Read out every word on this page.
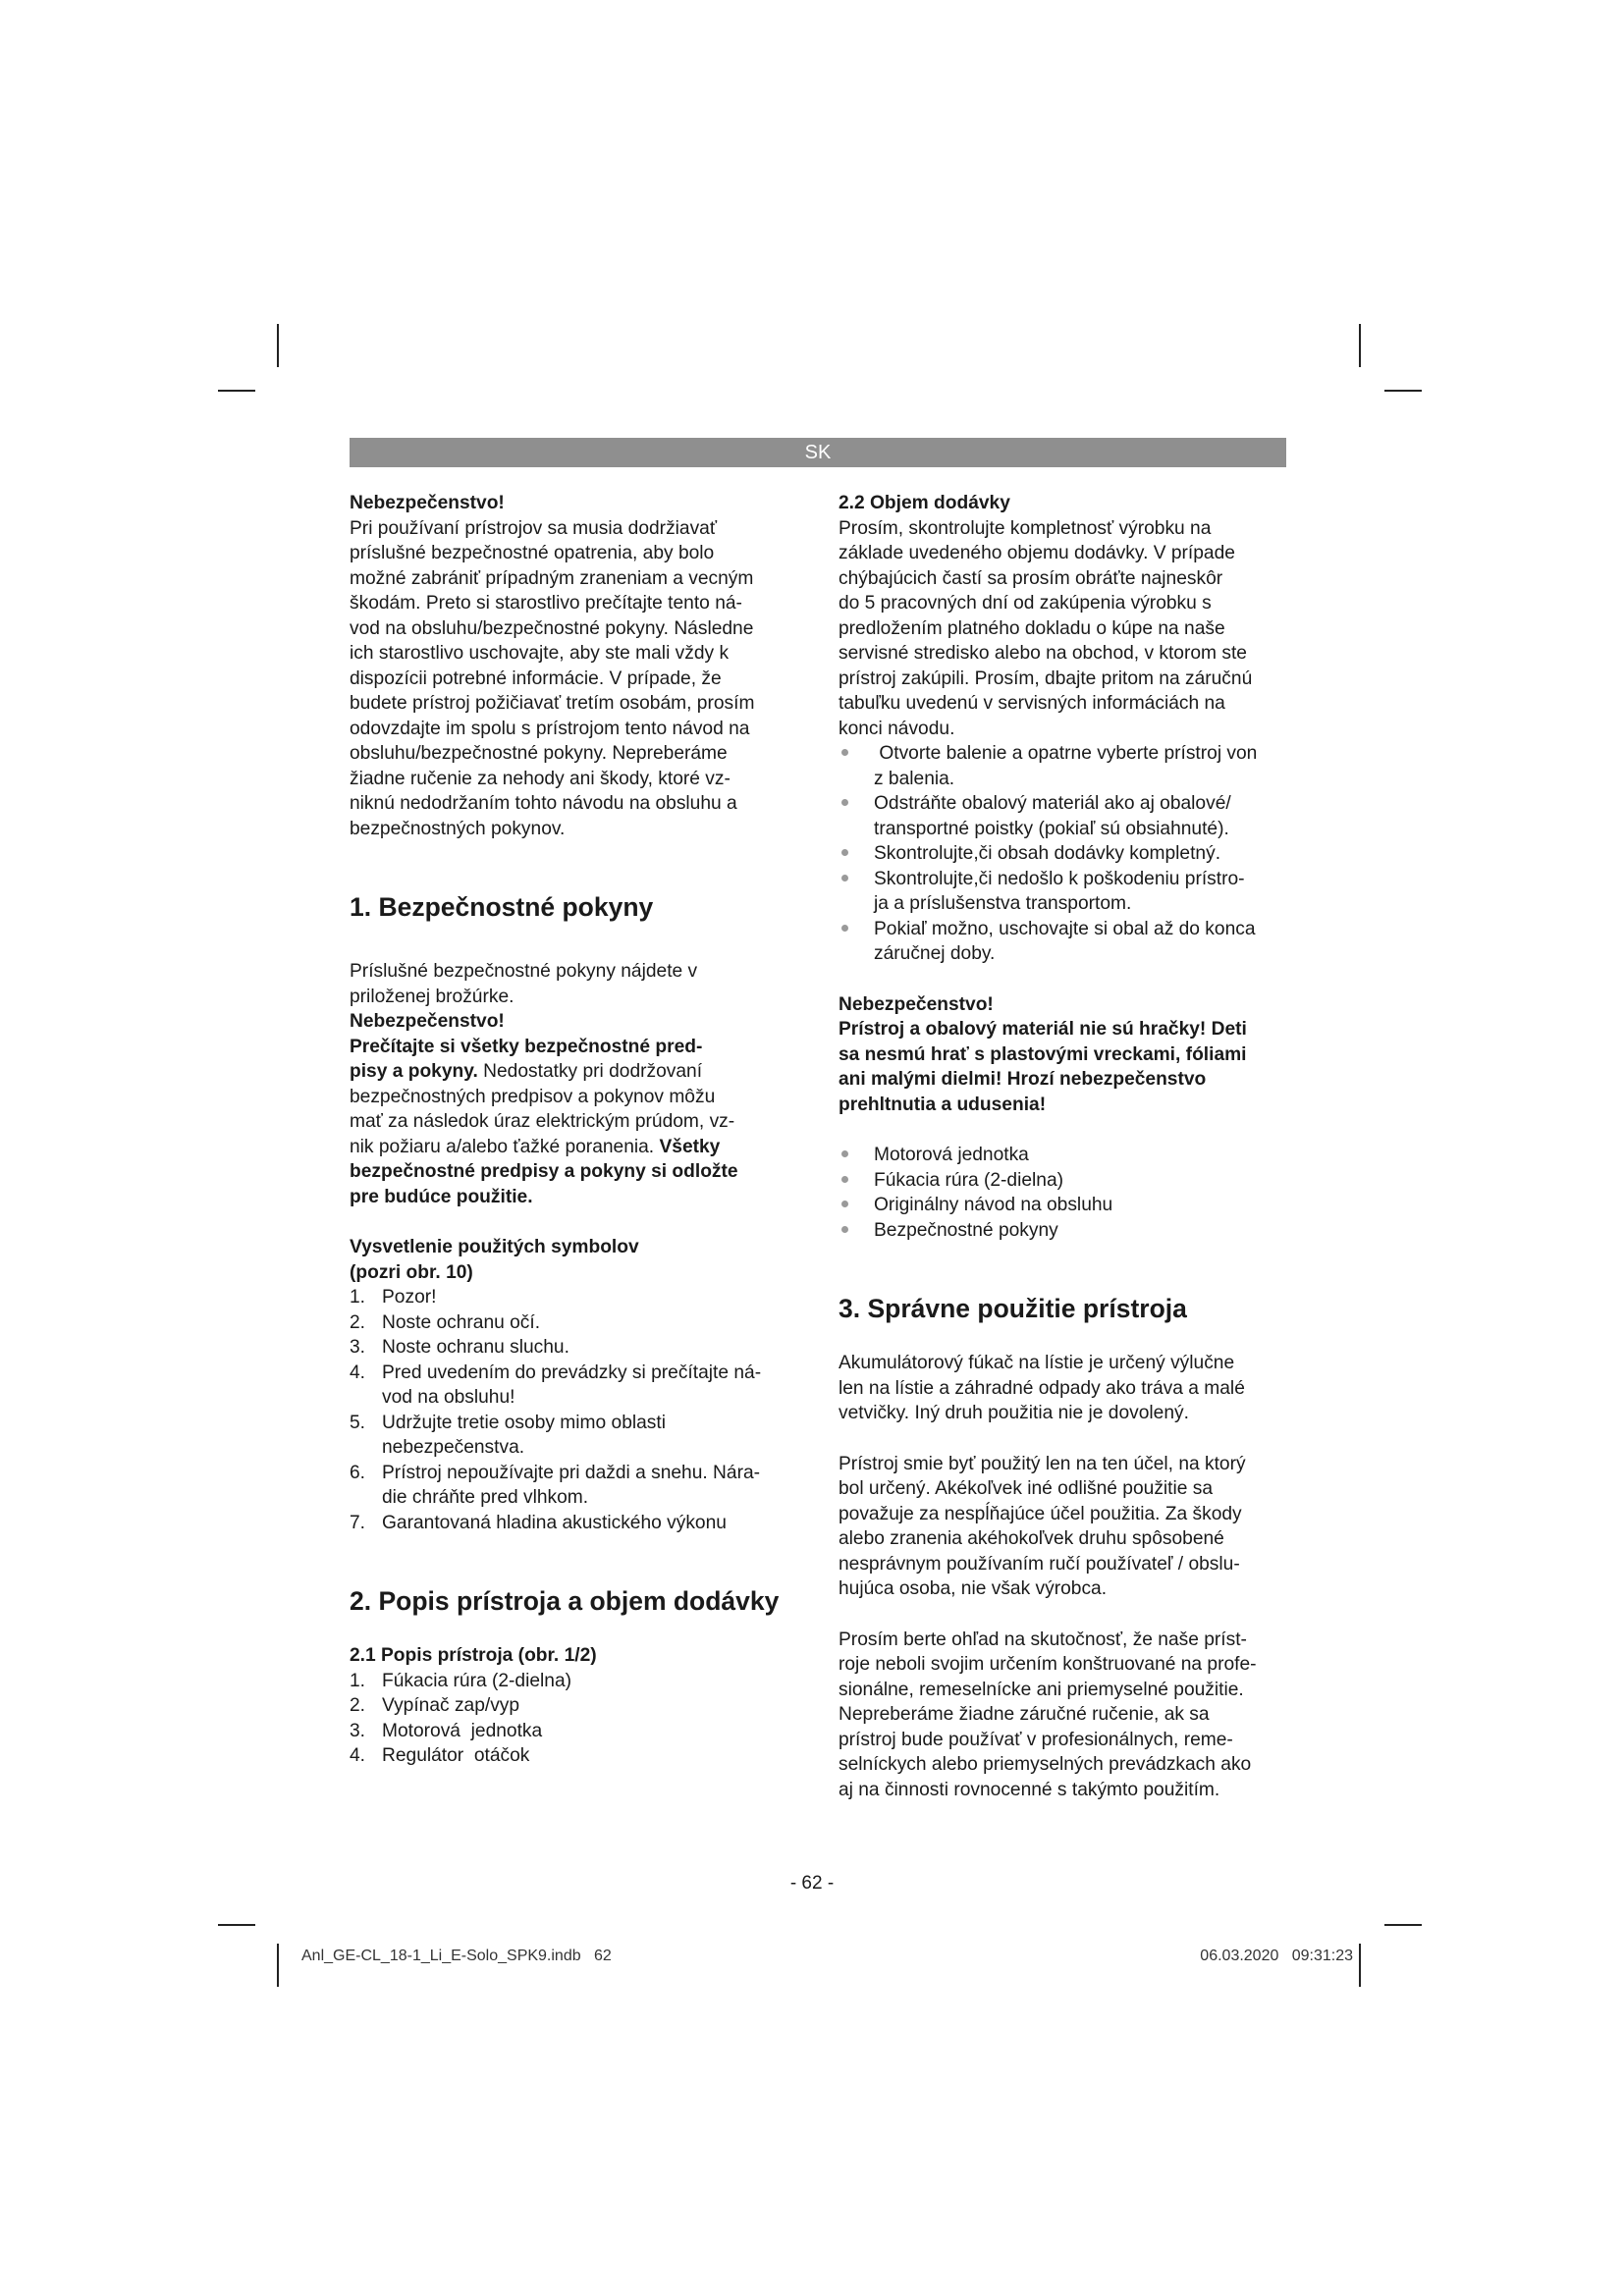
SK

Nebezpečenstvo!

Pri používaní prístrojov sa musia dodržiavať
príslušné bezpečnostné opatrenia, aby bolo
možné zabrániť prípadným zraneniam a vecným
škodám. Preto si starostlivo prečítajte tento ná-
vod na obsluhu/bezpečnostné pokyny. Následne
ich starostlivo uschovajte, aby ste mali vždy k
dispozícii potrebné informácie. V prípade, že
budete prístroj požičiavať tretím osobám, prosím
odovzdajte im spolu s prístrojom tento návod na
obsluhu/bezpečnostné pokyny. Nepreberáme
žiadne ručenie za nehody ani škody, ktoré vz-
niknú nedodržaním tohto návodu na obsluhu a
bezpečnostných pokynov.
1. Bezpečnostné pokyny
Príslušné bezpečnostné pokyny nájdete v
priloženej brožúrke.

Nebezpečenstvo!

Prečítajte si všetky bezpečnostné pred-
pisy a pokyny. Nedostatky pri dodržovaní
bezpečnostných predpisov a pokynov môžu
mať za následok úraz elektrickým prúdom, vz-
nik požiaru a/alebo ťažké poranenia. Všetky
bezpečnostné predpisy a pokyny si odložte
pre budúce použitie.

Vysvetlenie použitých symbolov

(pozri obr. 10)

1. Pozor!
2. Noste ochranu očí.
3. Noste ochranu sluchu.
4. Pred uvedením do prevádzky si prečítajte ná-
vod na obsluhu!
5. Udržujte tretie osoby mimo oblasti
nebezpečenstva.
6. Prístroj nepoužívajte pri daždi a snehu. Nára-
die chráňte pred vlhkom.
7. Garantovaná hladina akustického výkonu
2. Popis prístroja a objem dodávky

2.1 Popis prístroja (obr. 1/2)

1. Fúkacia rúra (2-dielna)
2. Vypínač zap/vyp
3. Motorová  jednotka
4. Regulátor  otáčok

2.2 Objem dodávky

Prosím, skontrolujte kompletnosť výrobku na
základe uvedeného objemu dodávky. V prípade
chýbajúcich častí sa prosím obráťte najneskôr
do 5 pracovných dní od zakúpenia výrobku s
predložením platného dokladu o kúpe na naše
servisné stredisko alebo na obchod, v ktorom ste
prístroj zakúpili. Prosím, dbajte pritom na záručnú
tabuľku uvedenú v servisných informáciách na
konci návodu.
Otvorte balenie a opatrne vyberte prístroj von
z balenia.
Odstráňte obalový materiál ako aj obalové/
transportné poistky (pokiaľ sú obsiahnuté).
Skontrolujte,či obsah dodávky kompletný.
Skontrolujte,či nedošlo k poškodeniu prístro-
ja a príslušenstva transportom.
Pokiaľ možno, uschovajte si obal až do konca
záručnej doby.

Nebezpečenstvo!

Prístroj a obalový materiál nie sú hračky! Deti
sa nesmú hrať s plastovými vreckami, fóliami
ani malými dielmi! Hrozí nebezpečenstvo
prehltnutia a udusenia!
Motorová jednotka
Fúkacia rúra (2-dielna)
Originálny návod na obsluhu
Bezpečnostné pokyny
3. Správne použitie prístroja
Akumulátorový fúkač na lístie je určený výlučne
len na lístie a záhradné odpady ako tráva a malé
vetvičky. Iný druh použitia nie je dovolený.
Prístroj smie byť použitý len na ten účel, na ktorý
bol určený. Akékoľvek iné odlišné použitie sa
považuje za nespĺňajúce účel použitia. Za škody
alebo zranenia akéhokoľvek druhu spôsobené
nesprávnym používaním ručí používateľ / obslu-
hujúca osoba, nie však výrobca.
Prosím berte ohľad na skutočnosť, že naše príst-
roje neboli svojim určením konštruované na profe-
sionálne, remeselnícke ani priemyselné použitie.
Nepreberáme žiadne záručné ručenie, ak sa
prístroj bude používať v profesionálnych, reme-
selníckych alebo priemyselných prevádzkach ako
aj na činnosti rovnocenné s takýmto použitím.
- 62 -
Anl_GE-CL_18-1_Li_E-Solo_SPK9.indb   62	06.03.2020   09:31:23
